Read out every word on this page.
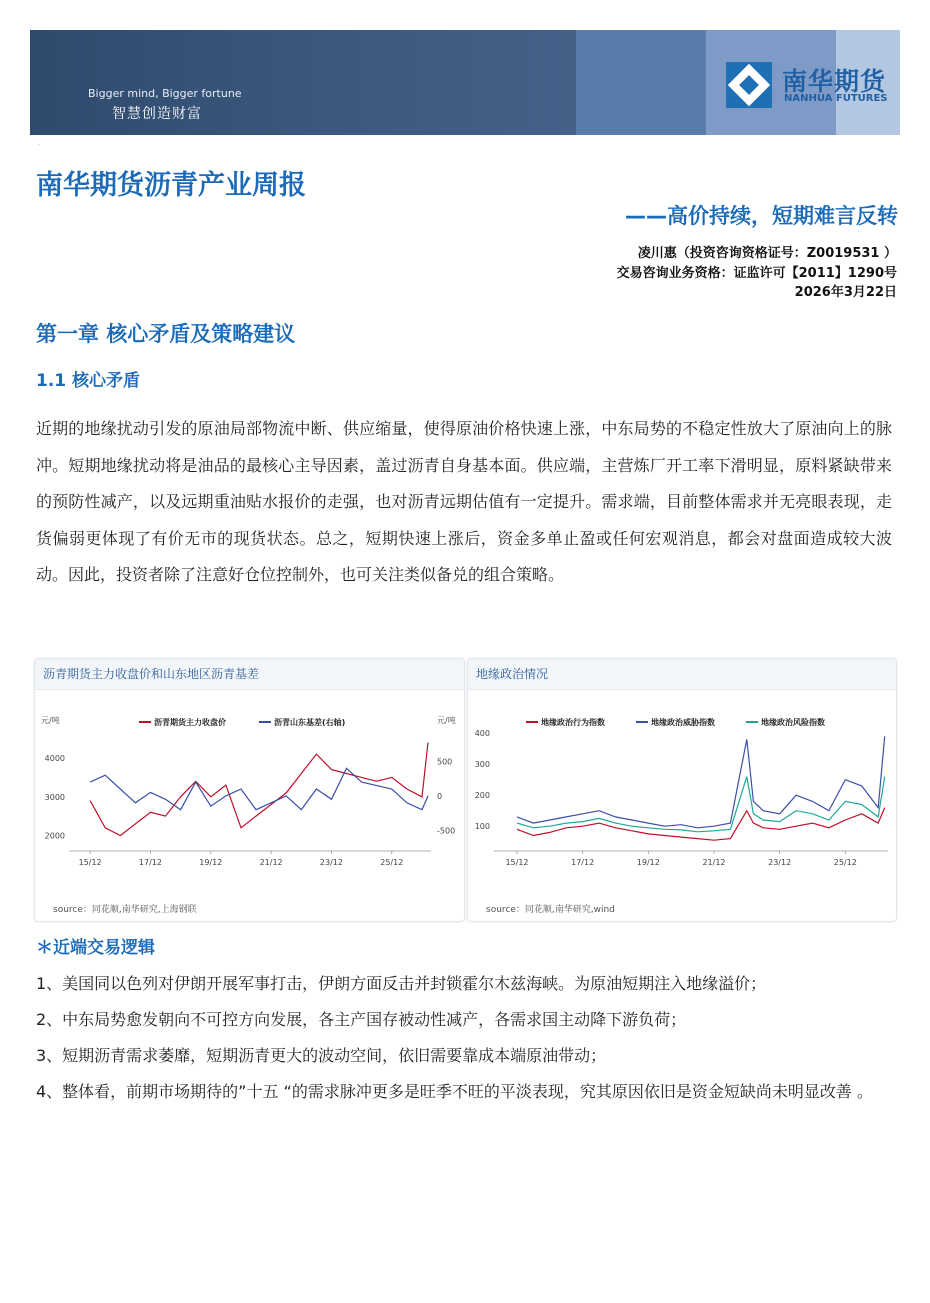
Bigger mind, Bigger fortune
智慧创造财富
南华期货
NANHUA FUTURES
·
南华期货沥青产业周报
——高价持续，短期难言反转
凌川惠（投资咨询资格证号：Z0019531 ）
交易咨询业务资格：证监许可【2011】1290号
2026年3月22日
第一章 核心矛盾及策略建议
1.1 核心矛盾
近期的地缘扰动引发的原油局部物流中断、供应缩量，使得原油价格快速上涨，中东局势的不稳定性放大了原油向上的脉冲。短期地缘扰动将是油品的最核心主导因素，盖过沥青自身基本面。供应端，主营炼厂开工率下滑明显，原料紧缺带来的预防性减产，以及远期重油贴水报价的走强，也对沥青远期估值有一定提升。需求端，目前整体需求并无亮眼表现，走货偏弱更体现了有价无市的现货状态。总之，短期快速上涨后，资金多单止盈或任何宏观消息，都会对盘面造成较大波动。因此，投资者除了注意好仓位控制外，也可关注类似备兑的组合策略。
沥青期货主力收盘价和山东地区沥青基差
元/吨	元/吨
2000
3000
4000
-500
0
500
15/12	17/12	19/12	21/12	23/12	25/12
沥青期货主力收盘价	沥青山东基差(右轴)
source：同花顺,南华研究,上海钢联
地缘政治情况
100
200
300
400
15/12	17/12	19/12	21/12	23/12	25/12
地缘政治行为指数	地缘政治威胁指数	地缘政治风险指数
source：同花顺,南华研究,wind
＊近端交易逻辑
1、美国同以色列对伊朗开展军事打击，伊朗方面反击并封锁霍尔木兹海峡。为原油短期注入地缘溢价；
2、中东局势愈发朝向不可控方向发展，各主产国存被动性减产，各需求国主动降下游负荷；
3、短期沥青需求萎靡，短期沥青更大的波动空间，依旧需要靠成本端原油带动；
4、整体看，前期市场期待的”十五 “的需求脉冲更多是旺季不旺的平淡表现，究其原因依旧是资金短缺尚未明显改善 。
